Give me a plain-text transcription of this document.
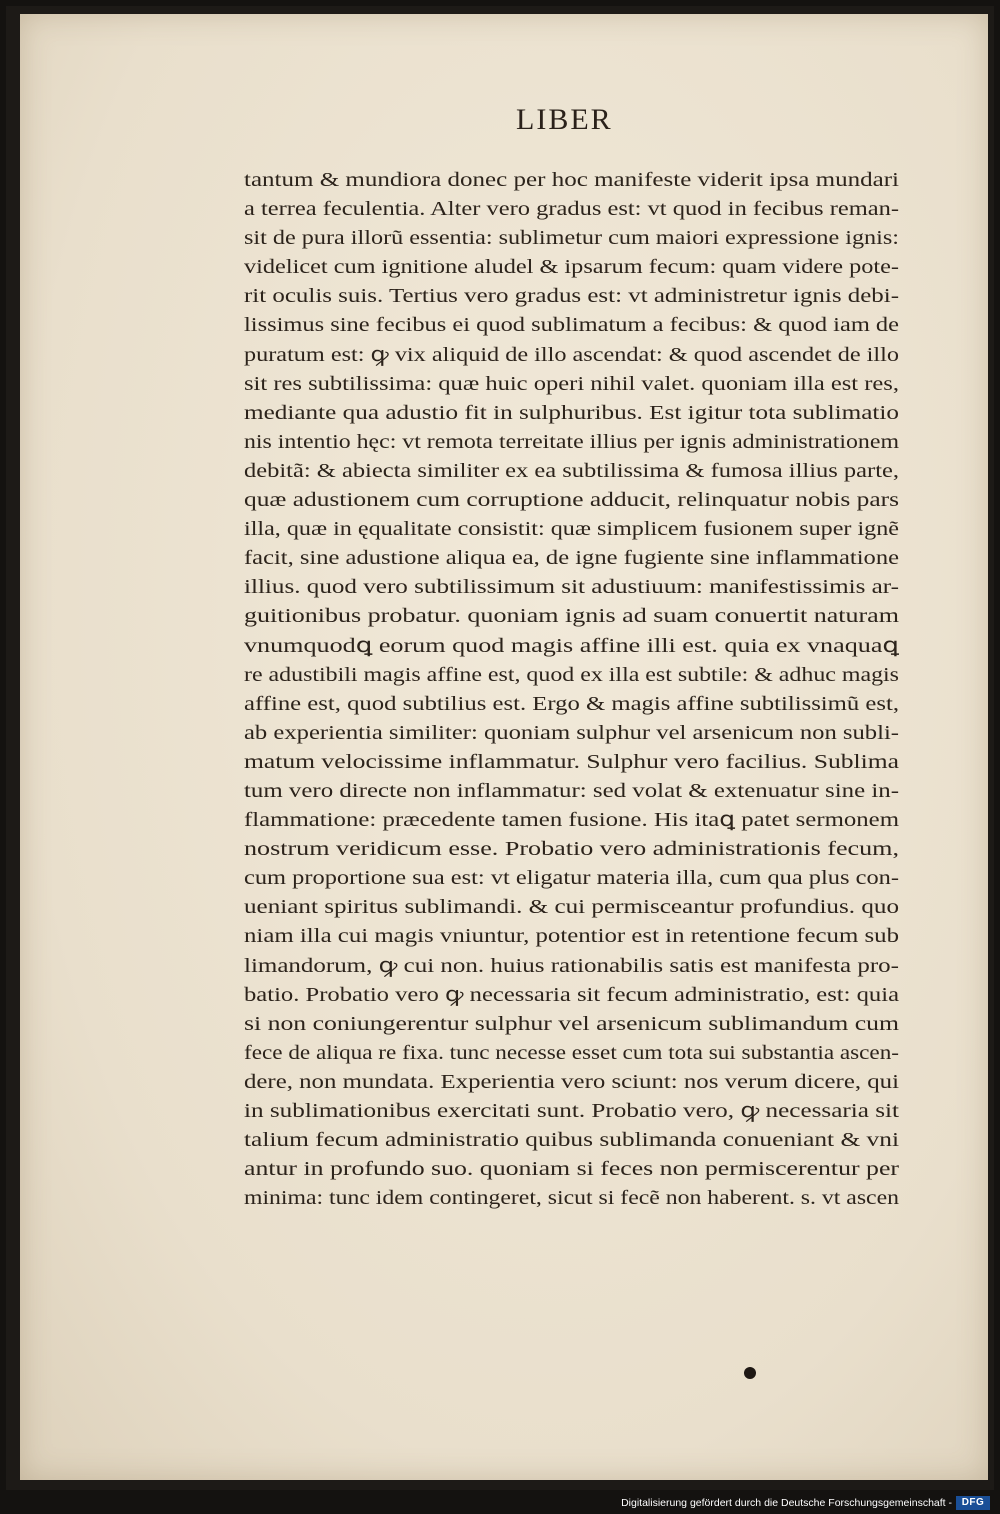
LIBER
tantum & mundiora donec per hoc manifeste viderit ipsa mundari
a terrea feculentia. Alter vero gradus est: vt quod in fecibus reman-
sit de pura illorũ essentia: sublimetur cum maiori expressione ignis:
videlicet cum ignitione aludel & ipsarum fecum: quam videre pote-
rit oculis suis. Tertius vero gradus est: vt administretur ignis debi-
lissimus sine fecibus ei quod sublimatum a fecibus: & quod iam de
puratum est: ꝙ vix aliquid de illo ascendat: & quod ascendet de illo
sit res subtilissima: quæ huic operi nihil valet. quoniam illa est res,
mediante qua adustio fit in sulphuribus. Est igitur tota sublimatio
nis intentio hęc: vt remota terreitate illius per ignis administrationem
debitã: & abiecta similiter ex ea subtilissima & fumosa illius parte,
quæ adustionem cum corruptione adducit, relinquatur nobis pars
illa, quæ in ęqualitate consistit: quæ simplicem fusionem super ignẽ
facit, sine adustione aliqua ea, de igne fugiente sine inflammatione
illius. quod vero subtilissimum sit adustiuum: manifestissimis ar-
guitionibus probatur. quoniam ignis ad suam conuertit naturam
vnumquodꝗ eorum quod magis affine illi est. quia ex vnaquaꝗ
re adustibili magis affine est, quod ex illa est subtile: & adhuc magis
affine est, quod subtilius est. Ergo & magis affine subtilissimũ est,
ab experientia similiter: quoniam sulphur vel arsenicum non subli-
matum velocissime inflammatur. Sulphur vero facilius. Sublima
tum vero directe non inflammatur: sed volat & extenuatur sine in-
flammatione: præcedente tamen fusione. His itaꝗ patet sermonem
nostrum veridicum esse. Probatio vero administrationis fecum,
cum proportione sua est: vt eligatur materia illa, cum qua plus con-
ueniant spiritus sublimandi. & cui permisceantur profundius. quo
niam illa cui magis vniuntur, potentior est in retentione fecum sub
limandorum, ꝙ cui non. huius rationabilis satis est manifesta pro-
batio. Probatio vero ꝙ necessaria sit fecum administratio, est: quia
si non coniungerentur sulphur vel arsenicum sublimandum cum
fece de aliqua re fixa. tunc necesse esset cum tota sui substantia ascen-
dere, non mundata. Experientia vero sciunt: nos verum dicere, qui
in sublimationibus exercitati sunt. Probatio vero, ꝙ necessaria sit
talium fecum administratio quibus sublimanda conueniant & vni
antur in profundo suo. quoniam si feces non permiscerentur per
minima: tunc idem contingeret, sicut si fecẽ non haberent. s. vt ascen
Digitalisierung gefördert durch die Deutsche Forschungsgemeinschaft - DFG
